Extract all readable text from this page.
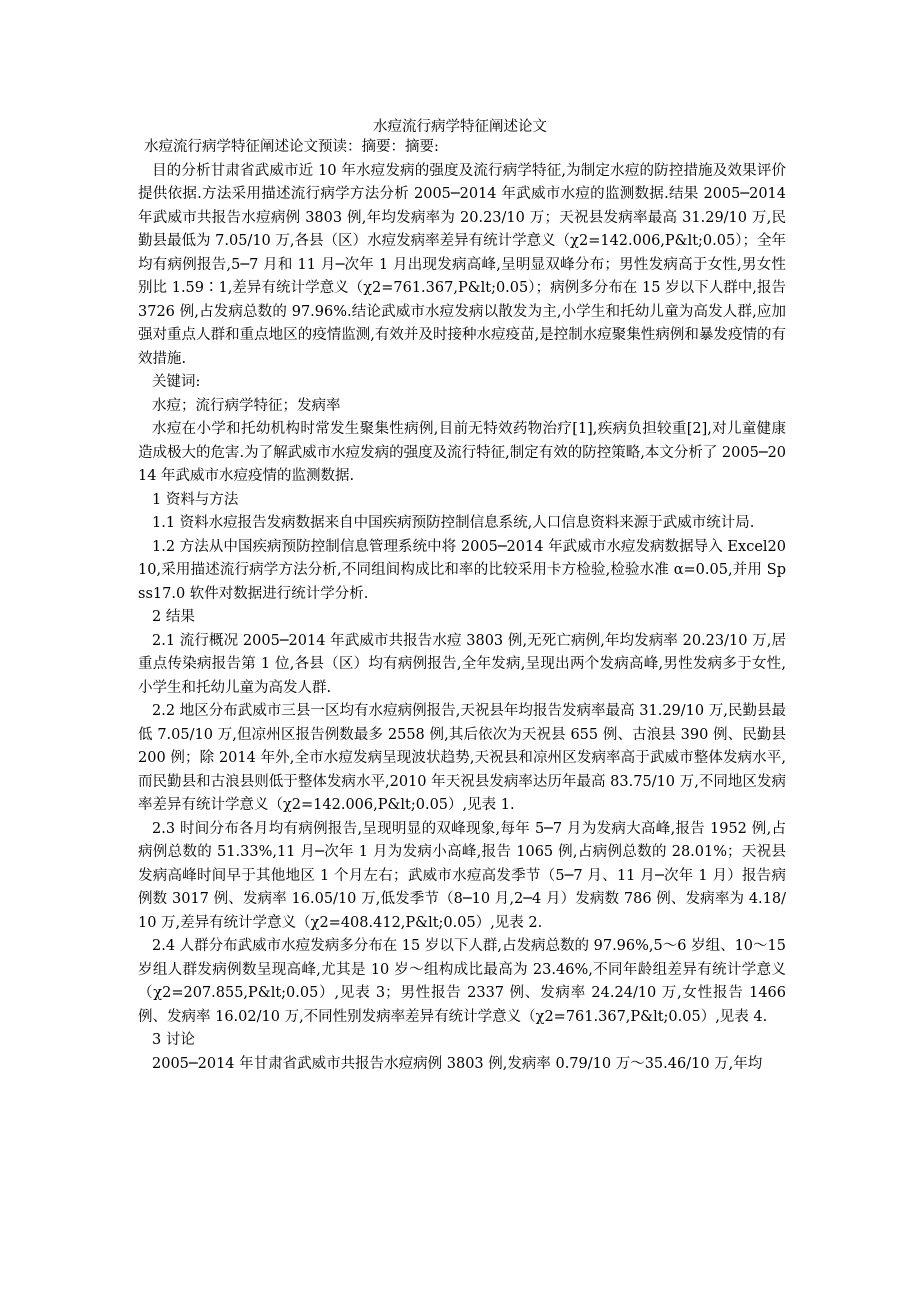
水痘流行病学特征阐述论文

水痘流行病学特征阐述论文预读：摘要：摘要:

目的分析甘肃省武威市近 10 年水痘发病的强度及流行病学特征,为制定水痘的防控措施及效果评价提供依据.方法采用描述流行病学方法分析 2005─2014 年武威市水痘的监测数据.结果 2005─2014 年武威市共报告水痘病例 3803 例,年均发病率为 20.23/10 万；天祝县发病率最高 31.29/10 万,民勤县最低为 7.05/10 万,各县（区）水痘发病率差异有统计学意义（χ2=142.006,P&lt;0.05）；全年均有病例报告,5─7 月和 11 月─次年 1 月出现发病高峰,呈明显双峰分布；男性发病高于女性,男女性别比 1.59∶1,差异有统计学意义（χ2=761.367,P&lt;0.05）；病例多分布在 15 岁以下人群中,报告 3726 例,占发病总数的 97.96%.结论武威市水痘发病以散发为主,小学生和托幼儿童为高发人群,应加强对重点人群和重点地区的疫情监测,有效并及时接种水痘疫苗,是控制水痘聚集性病例和暴发疫情的有效措施.

关键词:

水痘；流行病学特征；发病率

水痘在小学和托幼机构时常发生聚集性病例,目前无特效药物治疗[1],疾病负担较重[2],对儿童健康造成极大的危害.为了解武威市水痘发病的强度及流行特征,制定有效的防控策略,本文分析了 2005─2014 年武威市水痘疫情的监测数据.

1 资料与方法

1.1 资料水痘报告发病数据来自中国疾病预防控制信息系统,人口信息资料来源于武威市统计局.

1.2 方法从中国疾病预防控制信息管理系统中将 2005─2014 年武威市水痘发病数据导入 Excel2010,采用描述流行病学方法分析,不同组间构成比和率的比较采用卡方检验,检验水准 α=0.05,并用 Spss17.0 软件对数据进行统计学分析.

2 结果

2.1 流行概况 2005─2014 年武威市共报告水痘 3803 例,无死亡病例,年均发病率 20.23/10 万,居重点传染病报告第 1 位,各县（区）均有病例报告,全年发病,呈现出两个发病高峰,男性发病多于女性,小学生和托幼儿童为高发人群.

2.2 地区分布武威市三县一区均有水痘病例报告,天祝县年均报告发病率最高 31.29/10 万,民勤县最低 7.05/10 万,但凉州区报告例数最多 2558 例,其后依次为天祝县 655 例、古浪县 390 例、民勤县 200 例；除 2014 年外,全市水痘发病呈现波状趋势,天祝县和凉州区发病率高于武威市整体发病水平,而民勤县和古浪县则低于整体发病水平,2010 年天祝县发病率达历年最高 83.75/10 万,不同地区发病率差异有统计学意义（χ2=142.006,P&lt;0.05）,见表 1.

2.3 时间分布各月均有病例报告,呈现明显的双峰现象,每年 5─7 月为发病大高峰,报告 1952 例,占病例总数的 51.33%,11 月─次年 1 月为发病小高峰,报告 1065 例,占病例总数的 28.01%；天祝县发病高峰时间早于其他地区 1 个月左右；武威市水痘高发季节（5─7 月、11 月─次年 1 月）报告病例数 3017 例、发病率 16.05/10 万,低发季节（8─10 月,2─4 月）发病数 786 例、发病率为 4.18/10 万,差异有统计学意义（χ2=408.412,P&lt;0.05）,见表 2.

2.4 人群分布武威市水痘发病多分布在 15 岁以下人群,占发病总数的 97.96%,5～6 岁组、10～15 岁组人群发病例数呈现高峰,尤其是 10 岁～组构成比最高为 23.46%,不同年龄组差异有统计学意义（χ2=207.855,P&lt;0.05）,见表 3；男性报告 2337 例、发病率 24.24/10 万,女性报告 1466 例、发病率 16.02/10 万,不同性别发病率差异有统计学意义（χ2=761.367,P&lt;0.05）,见表 4.

3 讨论

2005─2014 年甘肃省武威市共报告水痘病例 3803 例,发病率 0.79/10 万～35.46/10 万,年均
